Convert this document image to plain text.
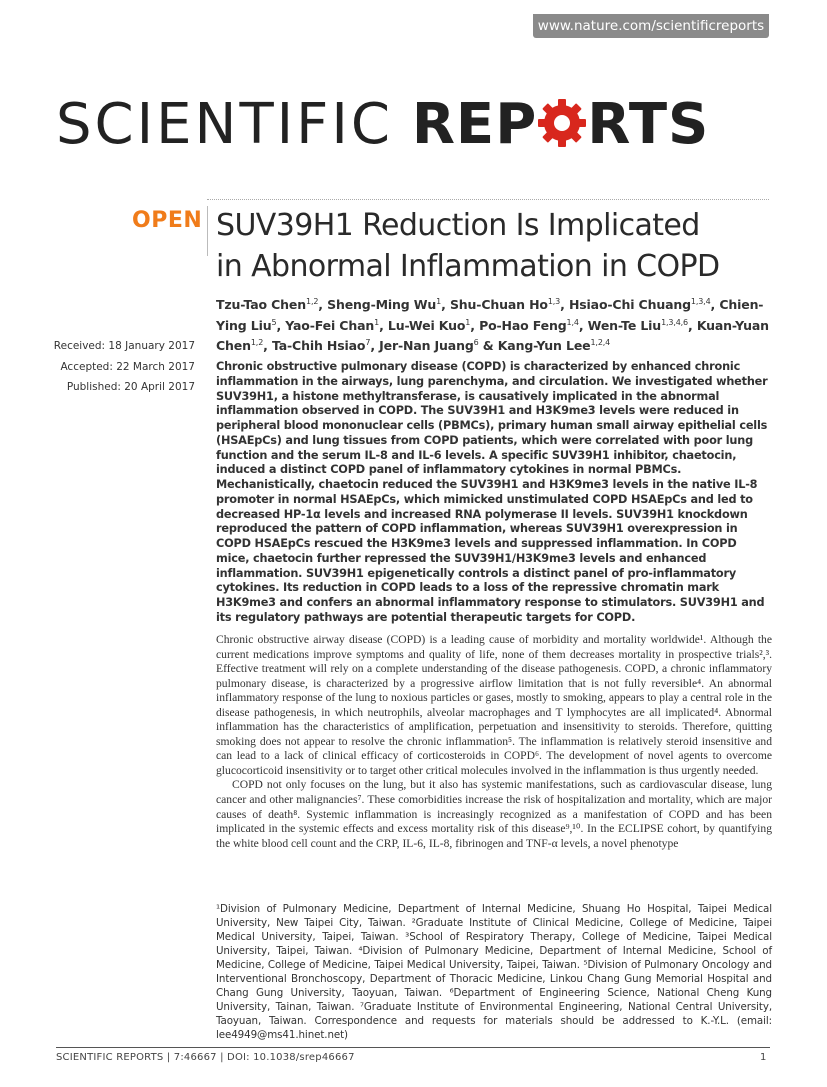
www.nature.com/scientificreports
SCIENTIFIC REP RTS
OPEN SUV39H1 Reduction Is Implicated
in Abnormal Inflammation in COPD
Tzu-Tao Chen$^{1,2}$, Sheng-Ming Wu$^1$, Shu-Chuan Ho$^{1,3}$, Hsiao-Chi Chuang$^{1,3,4}$, Chien-Ying Liu$^5$, Yao-Fei Chan$^1$, Lu-Wei Kuo$^1$, Po-Hao Feng$^{1,4}$, Wen-Te Liu$^{1,3,4,6}$, Kuan-Yuan Chen$^{1,2}$, Ta-Chih Hsiao$^7$, Jer-Nan Juang$^6$ & Kang-Yun Lee$^{1,2,4}$
Received: 18 January 2017
Accepted: 22 March 2017
Published: 20 April 2017
Chronic obstructive pulmonary disease (COPD) is characterized by enhanced chronic inflammation in the airways, lung parenchyma, and circulation. We investigated whether SUV39H1, a histone methyltransferase, is causatively implicated in the abnormal inflammation observed in COPD. The SUV39H1 and H3K9me3 levels were reduced in peripheral blood mononuclear cells (PBMCs), primary human small airway epithelial cells (HSAEpCs) and lung tissues from COPD patients, which were correlated with poor lung function and the serum IL-8 and IL-6 levels. A specific SUV39H1 inhibitor, chaetocin, induced a distinct COPD panel of inflammatory cytokines in normal PBMCs. Mechanistically, chaetocin reduced the SUV39H1 and H3K9me3 levels in the native IL-8 promoter in normal HSAEpCs, which mimicked unstimulated COPD HSAEpCs and led to decreased HP-1α levels and increased RNA polymerase II levels. SUV39H1 knockdown reproduced the pattern of COPD inflammation, whereas SUV39H1 overexpression in COPD HSAEpCs rescued the H3K9me3 levels and suppressed inflammation. In COPD mice, chaetocin further repressed the SUV39H1/H3K9me3 levels and enhanced inflammation. SUV39H1 epigenetically controls a distinct panel of pro-inflammatory cytokines. Its reduction in COPD leads to a loss of the repressive chromatin mark H3K9me3 and confers an abnormal inflammatory response to stimulators. SUV39H1 and its regulatory pathways are potential therapeutic targets for COPD.

Chronic obstructive airway disease (COPD) is a leading cause of morbidity and mortality worldwide¹. Although the current medications improve symptoms and quality of life, none of them decreases mortality in prospective trials²,³. Effective treatment will rely on a complete understanding of the disease pathogenesis. COPD, a chronic inflammatory pulmonary disease, is characterized by a progressive airflow limitation that is not fully reversible⁴. An abnormal inflammatory response of the lung to noxious particles or gases, mostly to smoking, appears to play a central role in the disease pathogenesis, in which neutrophils, alveolar macrophages and T lymphocytes are all implicated⁴. Abnormal inflammation has the characteristics of amplification, perpetuation and insensitivity to steroids. Therefore, quitting smoking does not appear to resolve the chronic inflammation⁵. The inflammation is relatively steroid insensitive and can lead to a lack of clinical efficacy of corticosteroids in COPD⁶. The development of novel agents to overcome glucocorticoid insensitivity or to target other critical molecules involved in the inflammation is thus urgently needed.

COPD not only focuses on the lung, but it also has systemic manifestations, such as cardiovascular disease, lung cancer and other malignancies⁷. These comorbidities increase the risk of hospitalization and mortality, which are major causes of death⁸. Systemic inflammation is increasingly recognized as a manifestation of COPD and has been implicated in the systemic effects and excess mortality risk of this disease⁹,¹⁰. In the ECLIPSE cohort, by quantifying the white blood cell count and the CRP, IL-6, IL-8, fibrinogen and TNF-α levels, a novel phenotype

¹Division of Pulmonary Medicine, Department of Internal Medicine, Shuang Ho Hospital, Taipei Medical University, New Taipei City, Taiwan. ²Graduate Institute of Clinical Medicine, College of Medicine, Taipei Medical University, Taipei, Taiwan. ³School of Respiratory Therapy, College of Medicine, Taipei Medical University, Taipei, Taiwan. ⁴Division of Pulmonary Medicine, Department of Internal Medicine, School of Medicine, College of Medicine, Taipei Medical University, Taipei, Taiwan. ⁵Division of Pulmonary Oncology and Interventional Bronchoscopy, Department of Thoracic Medicine, Linkou Chang Gung Memorial Hospital and Chang Gung University, Taoyuan, Taiwan. ⁶Department of Engineering Science, National Cheng Kung University, Tainan, Taiwan. ⁷Graduate Institute of Environmental Engineering, National Central University, Taoyuan, Taiwan. Correspondence and requests for materials should be addressed to K.-Y.L. (email: lee4949@ms41.hinet.net)
SCIENTIFIC REPORTS | 7:46667 | DOI: 10.1038/srep46667	1
